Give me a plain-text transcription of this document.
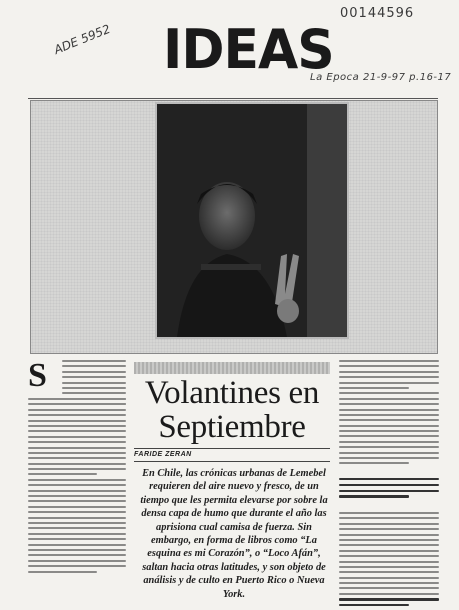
00144596
ADE 5952
La Epoca 21-9-97 p.16-17
IDEAS
S	Volantines en Septiembre
FARIDE ZERAN
En Chile, las crónicas urbanas de Lemebel requieren del aire nuevo y fresco, de un tiempo que les permita elevarse por sobre la densa capa de humo que durante el año las aprisiona cual camisa de fuerza. Sin embargo, en forma de libros como “La esquina es mi Corazón”, o “Loco Afán”, saltan hacia otras latitudes, y son objeto de análisis y de culto en Puerto Rico o Nueva York.
